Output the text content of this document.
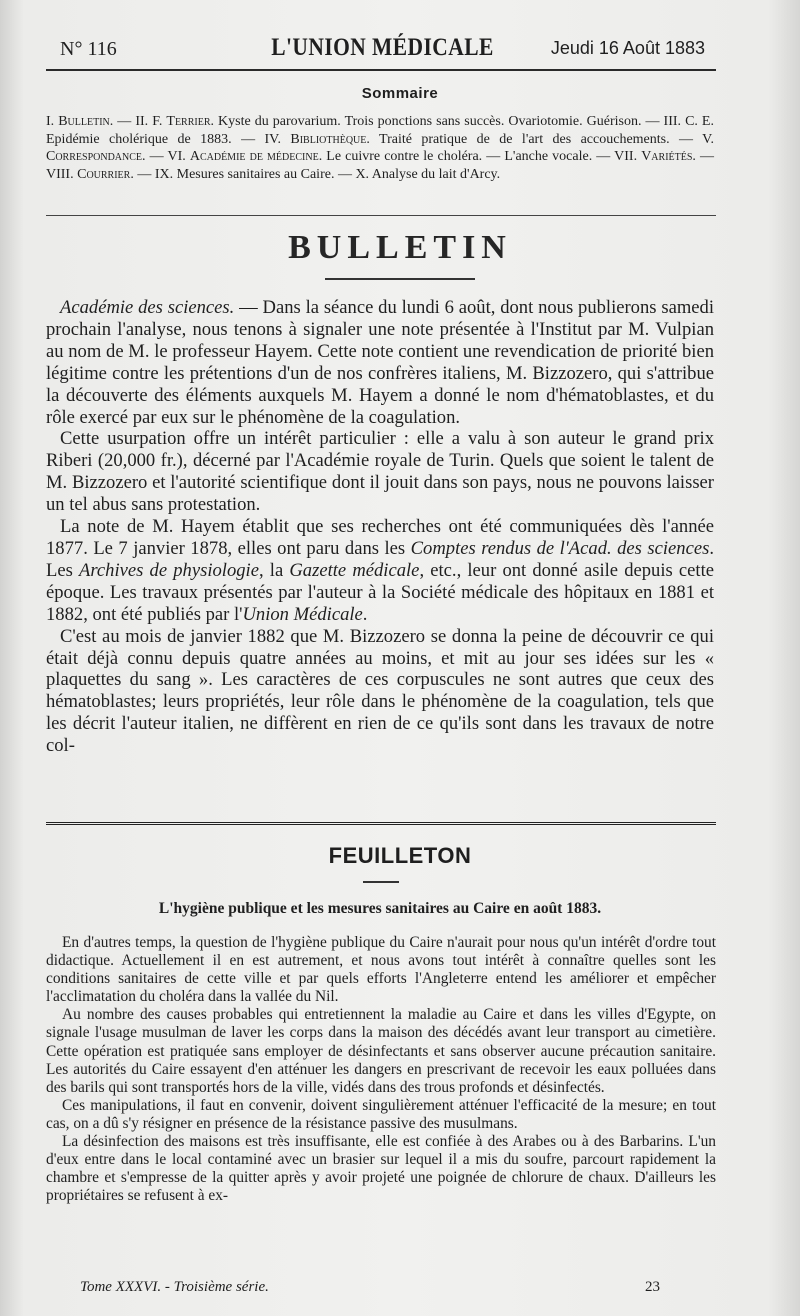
N° 116	L'UNION MÉDICALE	Jeudi 16 Août 1883
Sommaire
I. Bulletin. — II. F. Terrier. Kyste du parovarium. Trois ponctions sans succès. Ovariotomie. Guérison. — III. C. E. Epidémie cholérique de 1883. — IV. Bibliothèque. Traité pratique de de l'art des accouchements. — V. Correspondance. — VI. Académie de médecine. Le cuivre contre le choléra. — L'anche vocale. — VII. Variétés. — VIII. Courrier. — IX. Mesures sanitaires au Caire. — X. Analyse du lait d'Arcy.
BULLETIN

Académie des sciences. — Dans la séance du lundi 6 août, dont nous publierons samedi prochain l'analyse, nous tenons à signaler une note présentée à l'Institut par M. Vulpian au nom de M. le professeur Hayem. Cette note contient une revendication de priorité bien légitime contre les prétentions d'un de nos confrères italiens, M. Bizzozero, qui s'attribue la découverte des éléments auxquels M. Hayem a donné le nom d'hématoblastes, et du rôle exercé par eux sur le phénomène de la coagulation.

Cette usurpation offre un intérêt particulier : elle a valu à son auteur le grand prix Riberi (20,000 fr.), décerné par l'Académie royale de Turin. Quels que soient le talent de M. Bizzozero et l'autorité scientifique dont il jouit dans son pays, nous ne pouvons laisser un tel abus sans protestation.

La note de M. Hayem établit que ses recherches ont été communiquées dès l'année 1877. Le 7 janvier 1878, elles ont paru dans les Comptes rendus de l'Acad. des sciences. Les Archives de physiologie, la Gazette médicale, etc., leur ont donné asile depuis cette époque. Les travaux présentés par l'auteur à la Société médicale des hôpitaux en 1881 et 1882, ont été publiés par l'Union Médicale.

C'est au mois de janvier 1882 que M. Bizzozero se donna la peine de découvrir ce qui était déjà connu depuis quatre années au moins, et mit au jour ses idées sur les « plaquettes du sang ». Les caractères de ces corpuscules ne sont autres que ceux des hématoblastes; leurs propriétés, leur rôle dans le phénomène de la coagulation, tels que les décrit l'auteur italien, ne diffèrent en rien de ce qu'ils sont dans les travaux de notre col-

FEUILLETON
L'hygiène publique et les mesures sanitaires au Caire en août 1883.

En d'autres temps, la question de l'hygiène publique du Caire n'aurait pour nous qu'un intérêt d'ordre tout didactique. Actuellement il en est autrement, et nous avons tout intérêt à connaître quelles sont les conditions sanitaires de cette ville et par quels efforts l'Angleterre entend les améliorer et empêcher l'acclimatation du choléra dans la vallée du Nil.

Au nombre des causes probables qui entretiennent la maladie au Caire et dans les villes d'Egypte, on signale l'usage musulman de laver les corps dans la maison des décédés avant leur transport au cimetière. Cette opération est pratiquée sans employer de désinfectants et sans observer aucune précaution sanitaire. Les autorités du Caire essayent d'en atténuer les dangers en prescrivant de recevoir les eaux polluées dans des barils qui sont transportés hors de la ville, vidés dans des trous profonds et désinfectés.

Ces manipulations, il faut en convenir, doivent singulièrement atténuer l'efficacité de la mesure; en tout cas, on a dû s'y résigner en présence de la résistance passive des musulmans.

La désinfection des maisons est très insuffisante, elle est confiée à des Arabes ou à des Barbarins. L'un d'eux entre dans le local contaminé avec un brasier sur lequel il a mis du soufre, parcourt rapidement la chambre et s'empresse de la quitter après y avoir projeté une poignée de chlorure de chaux. D'ailleurs les propriétaires se refusent à ex-

Tome XXXVI. - Troisième série.	23
